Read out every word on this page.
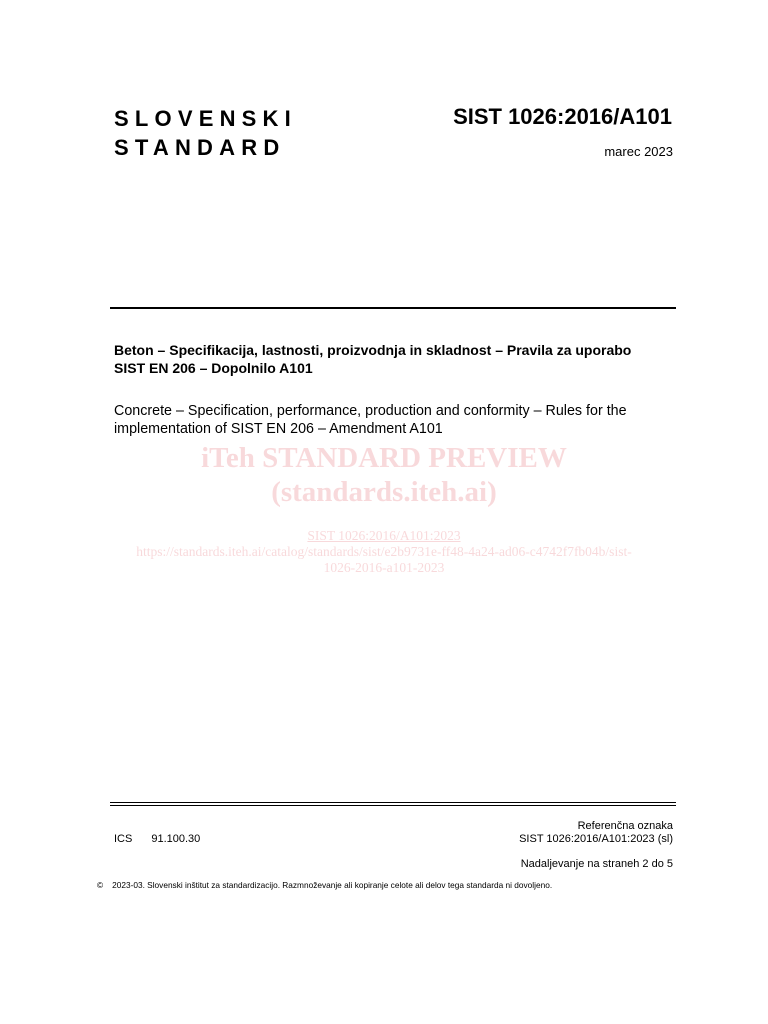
SLOVENSKI
STANDARD
SIST 1026:2016/A101
marec 2023
Beton – Specifikacija, lastnosti, proizvodnja in skladnost – Pravila za uporabo
SIST EN 206 – Dopolnilo A101
Concrete – Specification, performance, production and conformity – Rules for the
implementation of SIST EN 206 – Amendment A101
iTeh STANDARD PREVIEW
(standards.iteh.ai)
SIST 1026:2016/A101:2023
https://standards.iteh.ai/catalog/standards/sist/e2b9731e-ff48-4a24-ad06-c4742f7fb04b/sist-
1026-2016-a101-2023
ICS 91.100.30
Referenčna oznaka
SIST 1026:2016/A101:2023 (sl)
Nadaljevanje na straneh 2 do 5
© 2023-03. Slovenski inštitut za standardizacijo. Razmnoževanje ali kopiranje celote ali delov tega standarda ni dovoljeno.
